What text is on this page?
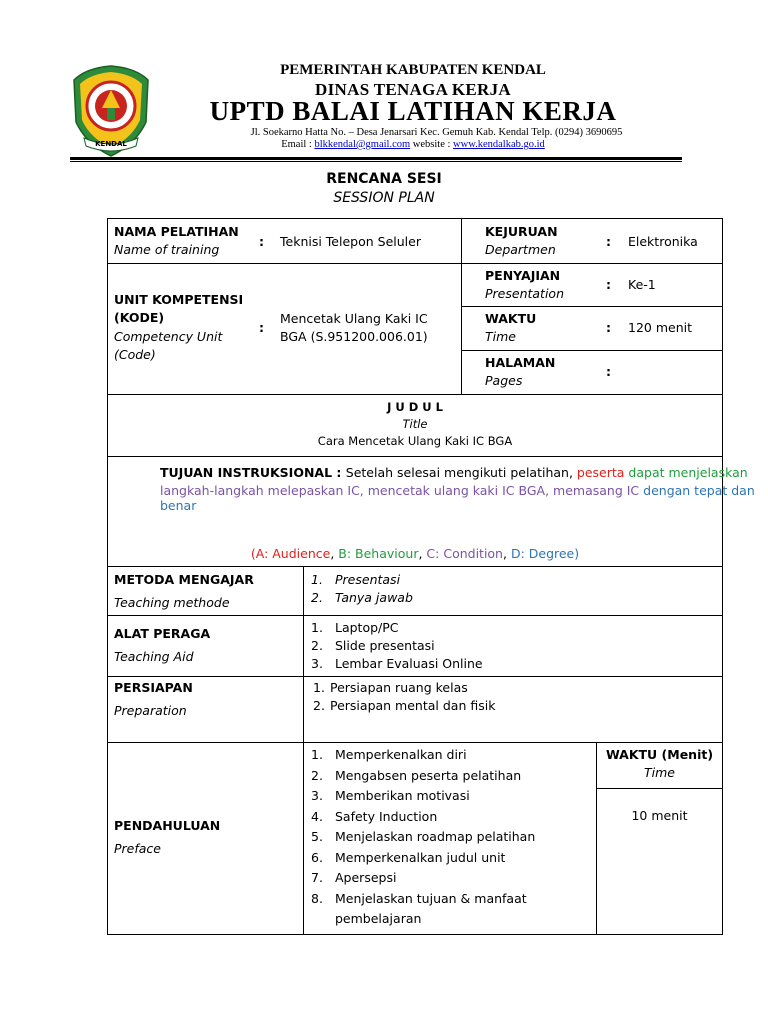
KENDAL
PEMERINTAH KABUPATEN KENDAL
DINAS TENAGA KERJA
UPTD BALAI LATIHAN KERJA
Jl. Soekarno Hatta No. – Desa Jenarsari Kec. Gemuh Kab. Kendal Telp. (0294) 3690695
Email : blkkendal@gmail.com website : www.kendalkab.go.id
RENCANA SESI
SESSION PLAN
NAMA PELATIHAN
Name of training
: Teknisi Telepon Seluler
KEJURUAN
Departmen
: Elektronika
UNIT KOMPETENSI
(KODE)
Competency Unit
(Code)
:
Mencetak Ulang Kaki IC
BGA (S.951200.006.01)
PENYAJIAN
Presentation
: Ke-1
WAKTU
Time
: 120 menit
HALAMAN
Pages
:
J U D U L
Title
Cara Mencetak Ulang Kaki IC BGA
TUJUAN INSTRUKSIONAL : Setelah selesai mengikuti pelatihan, peserta dapat menjelaskan
langkah-langkah melepaskan IC, mencetak ulang kaki IC BGA, memasang IC dengan tepat dan
benar
(A: Audience, B: Behaviour, C: Condition, D: Degree)
METODA MENGAJAR
Teaching methode
1. Presentasi
2. Tanya jawab
ALAT PERAGA
Teaching Aid
1. Laptop/PC
2. Slide presentasi
3. Lembar Evaluasi Online
PERSIAPAN
Preparation
1. Persiapan ruang kelas
2. Persiapan mental dan fisik
PENDAHULUAN
Preface
1. Memperkenalkan diri
2. Mengabsen peserta pelatihan
3. Memberikan motivasi
4. Safety Induction
5. Menjelaskan roadmap pelatihan
6. Memperkenalkan judul unit
7. Apersepsi
8. Menjelaskan tujuan & manfaat
pembelajaran
WAKTU (Menit)
Time
10 menit
